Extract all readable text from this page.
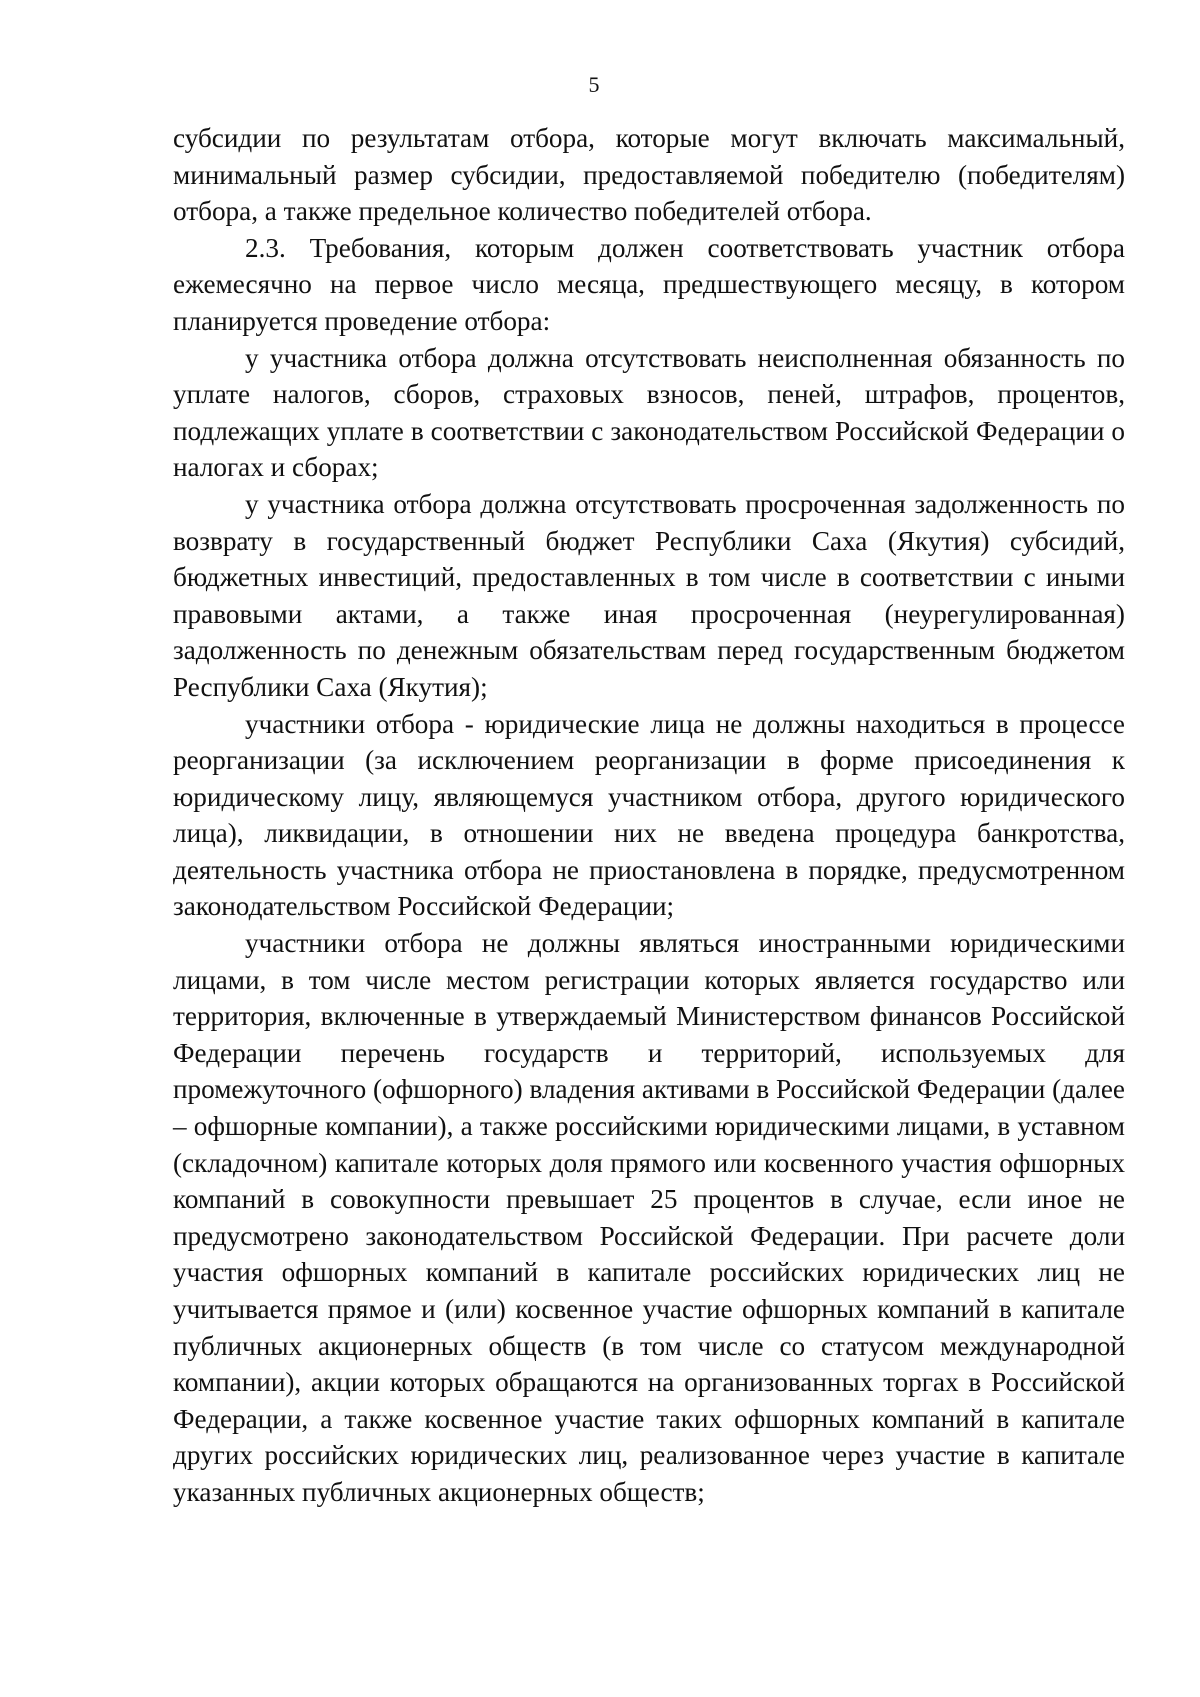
5

субсидии по результатам отбора, которые могут включать максимальный, минимальный размер субсидии, предоставляемой победителю (победителям) отбора, а также предельное количество победителей отбора.

2.3. Требования, которым должен соответствовать участник отбора ежемесячно на первое число месяца, предшествующего месяцу, в котором планируется проведение отбора:

у участника отбора должна отсутствовать неисполненная обязанность по уплате налогов, сборов, страховых взносов, пеней, штрафов, процентов, подлежащих уплате в соответствии с законодательством Российской Федерации о налогах и сборах;

у участника отбора должна отсутствовать просроченная задолженность по возврату в государственный бюджет Республики Саха (Якутия) субсидий, бюджетных инвестиций, предоставленных в том числе в соответствии с иными правовыми актами, а также иная просроченная (неурегулированная) задолженность по денежным обязательствам перед государственным бюджетом Республики Саха (Якутия);

участники отбора - юридические лица не должны находиться в процессе реорганизации (за исключением реорганизации в форме присоединения к юридическому лицу, являющемуся участником отбора, другого юридического лица), ликвидации, в отношении них не введена процедура банкротства, деятельность участника отбора не приостановлена в порядке, предусмотренном законодательством Российской Федерации;

участники отбора не должны являться иностранными юридическими лицами, в том числе местом регистрации которых является государство или территория, включенные в утверждаемый Министерством финансов Российской Федерации перечень государств и территорий, используемых для промежуточного (офшорного) владения активами в Российской Федерации (далее – офшорные компании), а также российскими юридическими лицами, в уставном (складочном) капитале которых доля прямого или косвенного участия офшорных компаний в совокупности превышает 25 процентов в случае, если иное не предусмотрено законодательством Российской Федерации. При расчете доли участия офшорных компаний в капитале российских юридических лиц не учитывается прямое и (или) косвенное участие офшорных компаний в капитале публичных акционерных обществ (в том числе со статусом международной компании), акции которых обращаются на организованных торгах в Российской Федерации, а также косвенное участие таких офшорных компаний в капитале других российских юридических лиц, реализованное через участие в капитале указанных публичных акционерных обществ;
